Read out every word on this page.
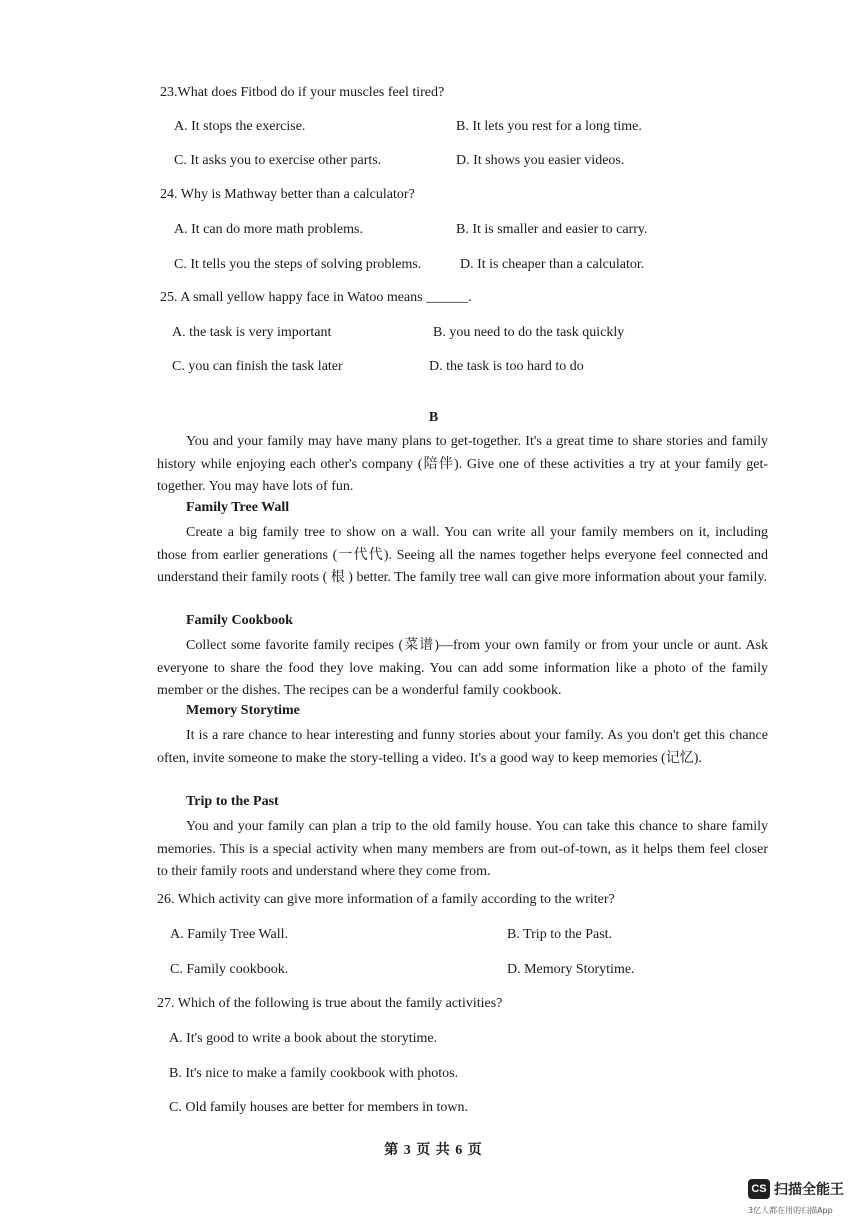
23.What does Fitbod do if your muscles feel tired?
A. It stops the exercise.	B. It lets you rest for a long time.
C. It asks you to exercise other parts.	D. It shows you easier videos.
24. Why is Mathway better than a calculator?
A. It can do more math problems.	B. It is smaller and easier to carry.
C. It tells you the steps of solving problems.	D. It is cheaper than a calculator.
25. A small yellow happy face in Watoo means ______.
A. the task is very important	B. you need to do the task quickly
C. you can finish the task later	D. the task is too hard to do
B
You and your family may have many plans to get-together. It's a great time to share stories and family history while enjoying each other's company (陪伴). Give one of these activities a try at your family get-together. You may have lots of fun.
Family Tree Wall
Create a big family tree to show on a wall. You can write all your family members on it, including those from earlier generations (一代代). Seeing all the names together helps everyone feel connected and understand their family roots ( 根 ) better. The family tree wall can give more information about your family.
Family Cookbook
Collect some favorite family recipes (菜谱)—from your own family or from your uncle or aunt. Ask everyone to share the food they love making. You can add some information like a photo of the family member or the dishes. The recipes can be a wonderful family cookbook.
Memory Storytime
It is a rare chance to hear interesting and funny stories about your family. As you don't get this chance often, invite someone to make the story-telling a video. It's a good way to keep memories (记忆).
Trip to the Past
You and your family can plan a trip to the old family house. You can take this chance to share family memories. This is a special activity when many members are from out-of-town, as it helps them feel closer to their family roots and understand where they come from.
26. Which activity can give more information of a family according to the writer?
A. Family Tree Wall.	B. Trip to the Past.
C. Family cookbook.	D. Memory Storytime.
27. Which of the following is true about the family activities?
A. It's good to write a book about the storytime.
B. It's nice to make a family cookbook with photos.
C. Old family houses are better for members in town.
第 3 页 共 6 页
CS 扫描全能王
3亿人都在用的扫描App
